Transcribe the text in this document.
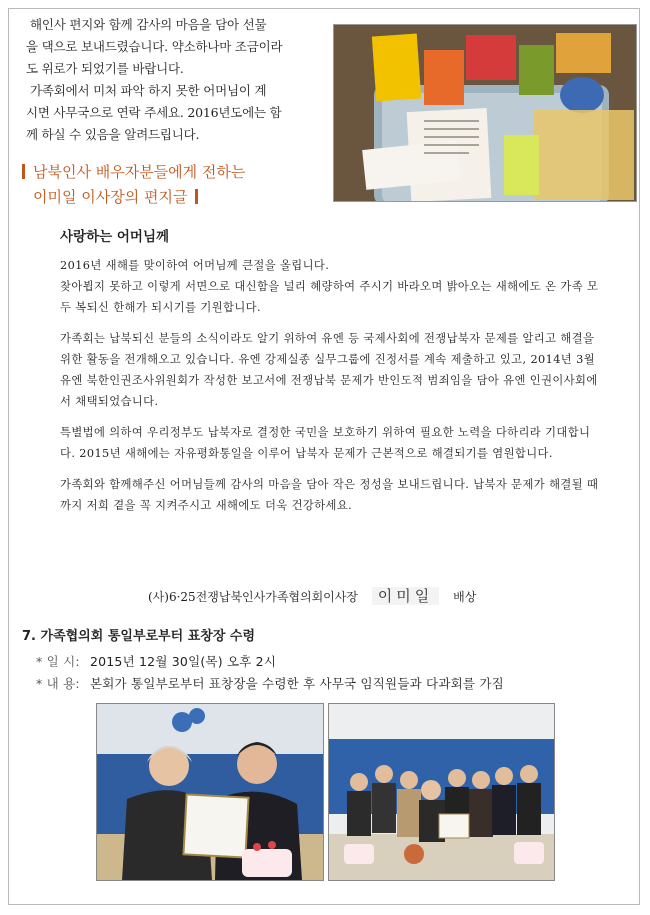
해인사 편지와 함께 감사의 마음을 담아 선물

을 댁으로 보내드렸습니다. 약소하나마 조금이라

도 위로가 되었기를 바랍니다.

가족회에서 미처 파악 하지 못한 어머님이 계

시면 사무국으로 연락 주세요. 2016년도에는 함

께 하실 수 있음을 알려드립니다.

남북인사 배우자분들에게 전하는
이미일 이사장의 편지글
사랑하는 어머님께

2016년 새해를 맞이하여 어머님께 큰절을 올립니다.
찾아뵙지 못하고 이렇게 서면으로 대신함을 널리 혜량하여 주시기 바라오며 밝아오는 새해에도 온 가족 모두 복되신 한해가 되시기를 기원합니다.

가족회는 납북되신 분들의 소식이라도 알기 위하여 유엔 등 국제사회에 전쟁납북자 문제를 알리고 해결을 위한 활동을 전개해오고 있습니다. 유엔 강제실종 실무그룹에 진정서를 계속 제출하고 있고, 2014년 3월 유엔 북한인권조사위원회가 작성한 보고서에 전쟁납북 문제가 반인도적 범죄임을 담아 유엔 인권이사회에서 채택되었습니다.

특별법에 의하여 우리정부도 납북자로 결정한 국민을 보호하기 위하여 필요한 노력을 다하리라 기대합니다. 2015년 새해에는 자유평화통일을 이루어 납북자 문제가 근본적으로 해결되기를 염원합니다.

가족회와 함께해주신 어머님들께 감사의 마음을 담아 작은 정성을 보내드립니다. 납북자 문제가 해결될 때까지 저희 곁을 꼭 지켜주시고 새해에도 더욱 건강하세요.

(사)6·25전쟁납북인사가족협의회이사장 이미일 배상
7. 가족협의회 통일부로부터 표창장 수령
* 일 시: 2015년 12월 30일(목) 오후 2시
* 내 용: 본회가 통일부로부터 표창장을 수령한 후 사무국 임직원들과 다과회를 가짐
